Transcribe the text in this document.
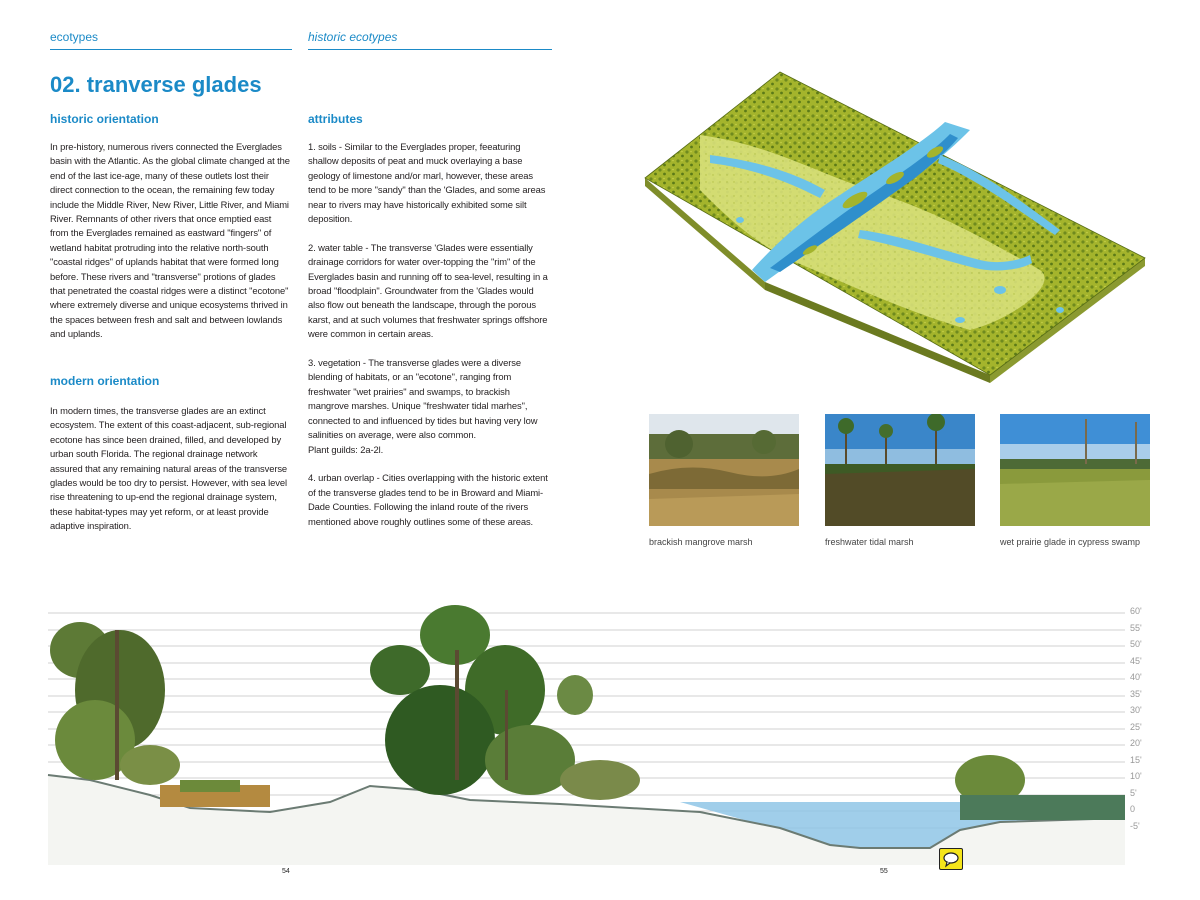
ecotypes	historic ecotypes
02. tranverse glades
historic orientation

In pre-history, numerous rivers connected the Everglades basin with the Atlantic. As the global climate changed at the end of the last ice-age, many of these outlets lost their direct connection to the ocean, the remaining few today include the Middle River, New River, Little River, and Miami River. Remnants of other rivers that once emptied east from the Everglades remained as eastward "fingers" of wetland habitat protruding into the relative north-south "coastal ridges" of uplands habitat that were formed long before. These rivers and "transverse" protions of glades that penetrated the coastal ridges were a distinct "ecotone" where extremely diverse and unique ecosystems thrived in the spaces between fresh and salt and between lowlands and uplands.

modern orientation

In modern times, the transverse glades are an extinct ecosystem. The extent of this coast-adjacent, sub-regional ecotone has since been drained, filled, and developed by urban south Florida. The regional drainage network assured that any remaining natural areas of the transverse glades would be too dry to persist. However, with sea level rise threatening to up-end the regional drainage system, these habitat-types may yet reform, or at least provide adaptive inspiration.

attributes

1. soils - Similar to the Everglades proper, feeaturing shallow deposits of peat and muck overlaying a base geology of limestone and/or marl, however, these areas tend to be more "sandy" than the 'Glades, and some areas near to rivers may have historically exhibited some silt deposition.

2. water table - The transverse 'Glades were essentially drainage corridors for water over-topping the "rim" of the Everglades basin and running off to sea-level, resulting in a broad "floodplain". Groundwater from the 'Glades would also flow out beneath the landscape, through the porous karst, and at such volumes that freshwater springs offshore were common in certain areas.

3. vegetation - The transverse glades were a diverse blending of habitats, or an "ecotone", ranging from freshwater "wet prairies" and swamps, to brackish mangrove marshes. Unique "freshwater tidal marhes", connected to and influenced by tides but having very low salinities on average, were also common.

Plant guilds: 2a-2l.

4. urban overlap - Cities overlapping with the historic extent of the transverse glades tend to be in Broward and Miami-Dade Counties. Following the inland route of the rivers mentioned above roughly outlines some of these areas.

brackish mangrove marsh	freshwater tidal marsh	wet prairie glade in cypress swamp
60'
55'
50'
45'
40'
35'
30'
25'
20'
15'
10'
5'
0
-5'
54	55
